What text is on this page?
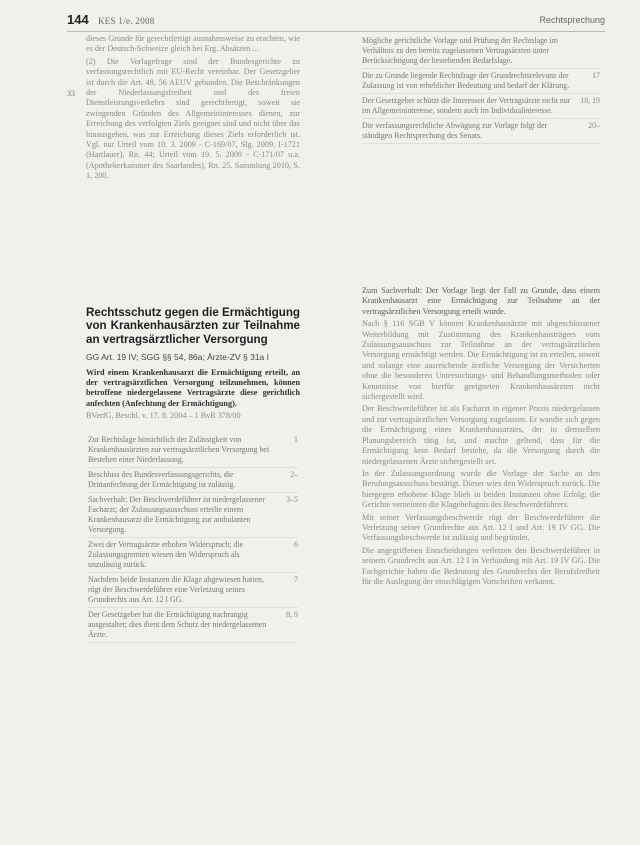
144 KES 1/e. 2008	Rechtsprechung
33

dieses Grunde für gerechtfertigt ausnahmsweise zu erachten, wie es der Deutsch-Schweize gleich bei Erg. Absätzen ...

(2) Die Vorlagefrage sind der Bundesgerichte zu verfassungsrechtlich mit EU-Recht vereinbar. Der Gesetzgeber ist durch die Art. 49, 56 AEUV gebunden. Die Beschränkungen der Niederlassungsfreiheit und des freien Dienstleistungsverkehrs sind gerechtfertigt, soweit sie zwingenden Gründen des Allgemeininteresses dienen, zur Erreichung des verfolgten Ziels geeignet sind und nicht über das hinausgehen, was zur Erreichung dieses Ziels erforderlich ist. Vgl. nur Urteil vom 10. 3. 2009 - C-169/07, Slg. 2009, I-1721 (Hartlauer), Rn. 44; Urteil vom 19. 5. 2009 - C-171/07 u.a. (Apothekerkammer des Saarlandes), Rn. 25. Sammlung 2010, S. 1, 200.

Rechtsschutz gegen die Ermächtigung von Krankenhausärzten zur Teilnahme an vertragsärztlicher Versorgung

GG Art. 19 IV; SGG §§ 54, 86a; Ärzte-ZV § 31a I

Wird einem Krankenhausarzt die Ermächtigung erteilt, an der vertragsärztlichen Versorgung teilzunehmen, können betroffene niedergelassene Vertragsärzte diese gerichtlich anfechten (Anfechtung der Ermächtigung).

BVerfG, Beschl. v. 17. 8. 2004 – 1 BvR 378/00

Zur Rechtslage hinsichtlich der Zulässigkeit von Krankenhausärzten zur vertragsärztlichen Versorgung bei Bestehen einer Niederlassung.
1
Beschluss des Bundesverfassungsgerichts, die Drittanfechtung der Ermächtigung ist zulässig.
2–
Sachverhalt: Der Beschwerdeführer ist niedergelassener Facharzt; der Zulassungsausschuss erteilte einem Krankenhausarzt die Ermächtigung zur ambulanten Versorgung.
3–5
Zwei der Vertragsärzte erhoben Widerspruch; die Zulassungsgremien wiesen den Widerspruch als unzulässig zurück.
6
Nachdem beide Instanzen die Klage abgewiesen hatten, rügt der Beschwerdeführer eine Verletzung seines Grundrechts aus Art. 12 I GG.
7
Der Gesetzgeber hat die Ermächtigung nachrangig ausgestaltet; dies dient dem Schutz der niedergelassenen Ärzte.
8, 9
Mögliche gerichtliche Vorlage und Prüfung der Rechtslage im Verhältnis zu den bereits zugelassenen Vertragsärzten unter Berücksichtigung der bestehenden Bedarfslage.
Die zu Grunde liegende Rechtsfrage der Grundrechtsrelevanz der Zulassung ist von erheblicher Bedeutung und bedarf der Klärung.
17
Der Gesetzgeber schützt die Interessen der Vertragsärzte nicht nur im Allgemeininteresse, sondern auch im Individualinteresse.
18, 19
Die verfassungsrechtliche Abwägung zur Vorlage folgt der ständigen Rechtsprechung des Senats.
20–

Zum Sachverhalt: Der Vorlage liegt der Fall zu Grunde, dass einem Krankenhausarzt eine Ermächtigung zur Teilnahme an der vertragsärztlichen Versorgung erteilt wurde.

Nach § 116 SGB V können Krankenhausärzte mit abgeschlossener Weiterbildung mit Zustimmung des Krankenhausträgers vom Zulassungsausschuss zur Teilnahme an der vertragsärztlichen Versorgung ermächtigt werden. Die Ermächtigung ist zu erteilen, soweit und solange eine ausreichende ärztliche Versorgung der Versicherten ohne die besonderen Untersuchungs- und Behandlungsmethoden oder Kenntnisse von hierfür geeigneten Krankenhausärzten nicht sichergestellt wird.

Der Beschwerdeführer ist als Facharzt in eigener Praxis niedergelassen und zur vertragsärztlichen Versorgung zugelassen. Er wandte sich gegen die Ermächtigung eines Krankenhausarztes, der in demselben Planungsbereich tätig ist, und machte geltend, dass für die Ermächtigung kein Bedarf bestehe, da die Versorgung durch die niedergelassenen Ärzte sichergestellt sei.

In der Zulassungsordnung wurde die Vorlage der Sache an den Berufungsausschuss bestätigt. Dieser wies den Widerspruch zurück. Die hiergegen erhobene Klage blieb in beiden Instanzen ohne Erfolg; die Gerichte verneinten die Klagebefugnis des Beschwerdeführers.

Mit seiner Verfassungsbeschwerde rügt der Beschwerdeführer die Verletzung seiner Grundrechte aus Art. 12 I und Art. 19 IV GG. Die Verfassungsbeschwerde ist zulässig und begründet.

Die angegriffenen Entscheidungen verletzen den Beschwerdeführer in seinem Grundrecht aus Art. 12 I in Verbindung mit Art. 19 IV GG. Die Fachgerichte haben die Bedeutung des Grundrechts der Berufsfreiheit für die Auslegung der einschlägigen Vorschriften verkannt.
